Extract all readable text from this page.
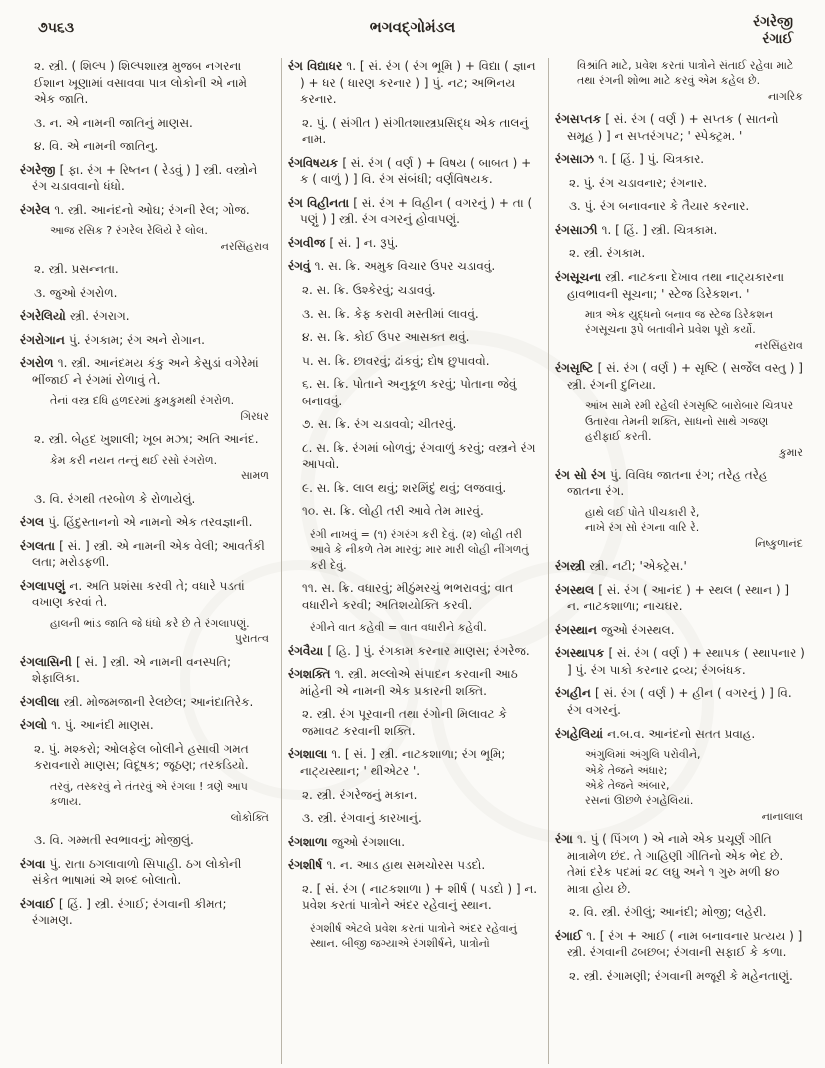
૭૫૬૩	ભગવદ્ગોમંડલ	રંગરેજી
રંગાઈ
૨. સ્ત્રી. ( શિલ્પ ) શિલ્પશાસ્ત્ર મુજબ નગરના ઈશાન ખૂણામાં વસાવવા પાત્ર લોકોની એ નામે એક જાતિ.
૩. ન. એ નામની જાતિનું માણસ.
૪. વિ. એ નામની જાતિનુ.
રંગરેજી [ ફા. રંગ + રિષ્તન ( રેડવું ) ] સ્ત્રી. વસ્ત્રોને રંગ ચડાવવાનો ધંધો.
રંગરેલ ૧. સ્ત્રી. આનંદનો ઓઘ; રંગની રેલ; ગોજ.
આજ રસિક ? રંગરેલ રેલિયે રે લોલ.
નરસિંહરાવ
૨. સ્ત્રી. પ્રસન્નતા.
૩. જુઓ રંગરોળ.
રંગરેલિયો સ્ત્રી. રંગરાગ.
રંગરોગાન પું. રંગકામ; રંગ અને રોગાન.
રંગરોળ ૧. સ્ત્રી. આનંદમય કંકુ અને કેસુડાં વગેરેમાં ભીંજાઈ ને રંગમાં રોળાવું તે.
તેનાં વસ્ત્ર દધિ હળદરમાં કુમકુમથી રંગરોળ.
ગિરધર
૨. સ્ત્રી. બેહદ ખુશાલી; ખૂબ મઝા; અતિ આનંદ.
કેમ કરી નયન તન્તું થઈ રસો રંગરોળ.
સામળ
૩. વિ. રંગથી તરબોળ કે રોળાયેલું.
રંગલ પું. હિંદુસ્તાનનો એ નામનો એક તરવજ્ઞાની.
રંગલતા [ સં. ] સ્ત્રી. એ નામની એક વેલી; આવર્તકી લતા; મરોડફળી.
રંગલાપણું ન. અતિ પ્રશંસા કરવી તે; વધારે પડતાં વખાણ કરવાં તે.
હાલની ભાંડ જાતિ જે ધંધો કરે છે તે રંગલાપણું.
પુરાતત્વ
રંગલાસિની [ સં. ] સ્ત્રી. એ નામની વનસ્પતિ; શેફાલિકા.
રંગલીલા સ્ત્રી. મોજમજાની રેલછેલ; આનંદાતિરેક.
રંગલો ૧. પું. આનંદી માણસ.
૨. પું. મશ્કરો; ઓલફેલ બોલીને હસાવી ગમત કરાવનારો માણસ; વિદૂષક; જૂઠણ; તરકડિયો.
તરવું, તસ્કરવું ને તંતરવું એ રંગલા ! ત્રણે આપ કળાય.
લોકોક્તિ
૩. વિ. ગમ્મતી સ્વભાવનું; મોજીલું.
રંગવા પું. રાતા ઠગલાવાળો સિપાહી. ઠગ લોકોની સંકેત ભાષામાં એ શબ્દ બોલાતો.
રંગવાઈ [ હિં. ] સ્ત્રી. રંગાઈ; રંગવાની કીમત; રંગામણ.
રંગ વિદ્યાધર ૧. [ સં. રંગ ( રંગ ભૂમિ ) + વિદ્યા ( જ્ઞાન ) + ધર ( ધારણ કરનાર ) ] પું. નટ; અભિનય કરનાર.
૨. પું. ( સંગીત ) સંગીતશાસ્ત્રપ્રસિદ્ધ એક તાલનું નામ.
રંગવિષયક [ સં. રંગ ( વર્ણ ) + વિષય ( બાબત ) + ક ( વાળું ) ] વિ. રંગ સંબંધી; વર્ણવિષયક.
રંગ વિહીનતા [ સં. રંગ + વિહીન ( વગરનું ) + તા ( પણું ) ] સ્ત્રી. રંગ વગરનું હોવાપણું.
રંગવીજ [ સં. ] ન. રૂપું.
રંગવું ૧. સ. ક્રિ. અમુક વિચાર ઉપર ચડાવવું.
૨. સ. ક્રિ. ઉશ્કેરવું; ચડાવવું.
૩. સ. ક્રિ. કેફ કરાવી મસ્તીમાં લાવવું.
૪. સ. ક્રિ. કોઈ ઉપર આસક્ત થવું.
૫. સ. ક્રિ. છાવરવું; ઢાંકવું; દોષ છુપાવવો.
૬. સ. ક્રિ. પોતાને અનુકૂળ કરવું; પોતાના જેવું બનાવવું.
૭. સ. ક્રિ. રંગ ચડાવવો; ચીતરવું.
૮. સ. ક્રિ. રંગમાં બોળવું; રંગવાળું કરવું; વસ્ત્રને રંગ આપવો.
૯. સ. ક્રિ. લાલ થવું; શરમિંદું થવું; લજવાવું.
૧૦. સ. ક્રિ. લોહી તરી આવે તેમ મારવું.
રંગી નાખવું = (૧) રંગરંગ કરી દેવું. (૨) લોહી તરી આવે કે નીકળે તેમ મારવું; માર મારી લોહી નીંગળતું કરી દેવું.
૧૧. સ. ક્રિ. વધારવું; મીઠુંમરચું ભભરાવવું; વાત વધારીને કરવી; અતિશયોક્તિ કરવી.
રંગીને વાત કહેવી = વાત વધારીને કહેવી.
રંગવૈયા [ હિ. ] પું. રંગકામ કરનાર માણસ; રંગરેજ.
રંગશક્તિ ૧. સ્ત્રી. મલ્લોએ સંપાદન કરવાની આઠ માંહેની એ નામની એક પ્રકારની શક્તિ.
૨. સ્ત્રી. રંગ પૂરવાની તથા રંગોની મિલાવટ કે જમાવટ કરવાની શક્તિ.
રંગશાલા ૧. [ સં. ] સ્ત્રી. નાટકશાળા; રંગ ભૂમિ; નાટ્યસ્થાન; ' થીએટર '.
૨. સ્ત્રી. રંગરેજનું મકાન.
૩. સ્ત્રી. રંગવાનું કારખાનું.
રંગશાળા જુઓ રંગશાલા.
રંગશીર્ષ ૧. ન. આડ હાથ સમચોરસ પડદો.
૨. [ સં. રંગ ( નાટકશાળા ) + શીર્ષ ( પડદો ) ] ન. પ્રવેશ કરતાં પાત્રોને અંદર રહેવાનું સ્થાન.
રંગશીર્ષ એટલે પ્રવેશ કરતાં પાત્રોને અંદર રહેવાનું સ્થાન. બીજી જગ્યાએ રંગશીર્ષને, પાત્રોનો
વિશ્રાંતિ માટે, પ્રવેશ કરતાં પાત્રોને સંતાઈ રહેવા માટે તથા રંગની શોભા માટે કરવું એમ કહેલ છે.
નાગરિક
રંગસપ્તક [ સં. રંગ ( વર્ણ ) + સપ્તક ( સાતનો સમૂહ ) ] ન સપ્તરંગપટ; ' સ્પેક્ટ્રમ. '
રંગસાઝ ૧. [ હિં. ] પું. ચિત્રકાર.
૨. પું. રંગ ચડાવનાર; રંગનાર.
૩. પું. રંગ બનાવનાર કે તૈયાર કરનાર.
રંગસાઝી ૧. [ હિં. ] સ્ત્રી. ચિત્રકામ.
૨. સ્ત્રી. રંગકામ.
રંગસૂચના સ્ત્રી. નાટકના દેખાવ તથા નાટ્યકારના હાવભાવની સૂચના; ' સ્ટેજ ડિરેકશન. '
માત્ર એક યુદ્ધનો બનાવ જ સ્ટેજ ડિરેકશન રંગસૂચના રૂપે બતાવીને પ્રવેશ પૂરો કર્યો.
નરસિંહરાવ
રંગસૃષ્ટિ [ સં. રંગ ( વર્ણ ) + સૃષ્ટિ ( સર્જેલ વસ્તુ ) ] સ્ત્રી. રંગની દુનિયા.
આંખ સામે રમી રહેલી રંગસૃષ્ટિ બારોબાર ચિત્રપર ઉતારવા તેમની શક્તિ, સાધનો સાથે ગજણ હરીફાઈ કરતી.
કુમાર
રંગ સો રંગ પું. વિવિધ જાતના રંગ; તરેહ તરેહ જાતના રંગ.
હાથે લઈ પોતે પીચકારી રે,
નાખે રંગ સો રંગના વારિ રે.
નિષ્કુળાનંદ
રંગસ્ત્રી સ્ત્રી. નટી; 'એક્ટ્રેસ.'
રંગસ્થલ [ સં. રંગ ( આનંદ ) + સ્થલ ( સ્થાન ) ] ન. નાટકશાળા; નાચઘર.
રંગસ્થાન જુઓ રંગસ્થલ.
રંગસ્થાપક [ સં. રંગ ( વર્ણ ) + સ્થાપક ( સ્થાપનાર ) ] પું. રંગ પાકો કરનાર દ્રવ્ય; રંગબંધક.
રંગહીન [ સં. રંગ ( વર્ણ ) + હીન ( વગરનું ) ] વિ. રંગ વગરનું.
રંગહેલિયાં ન.બ.વ. આનંદનો સતત પ્રવાહ.
અંગુલિમાં અંગુલિ પરોવીને,
એકે તેજને અંધાર;
એકે તેજને અંબાર,
રસનાં ઊછળે રંગહેલિયાં.
નાનાલાલ
રંગા ૧. પું ( પિંગળ ) એ નામે એક પ્રચૂર્ણ ગીતિ માત્રામેળ છંદ. તે ગાહિણી ગીતિનો એક ભેદ છે. તેમાં દરેક પદમાં ૨૮ લઘુ અને ૧ ગુરુ મળી ૪૦ માત્રા હોય છે.
૨. વિ. સ્ત્રી. રંગીલું; આનંદી; મોજી; લહેરી.
રંગાઈ ૧. [ રંગ + આઈ ( નામ બનાવનાર પ્રત્યય ) ] સ્ત્રી. રંગવાની ઢબછબ; રંગવાની સફાઈ કે કળા.
૨. સ્ત્રી. રંગામણી; રંગવાની મજૂરી કે મહેનતાણું.
